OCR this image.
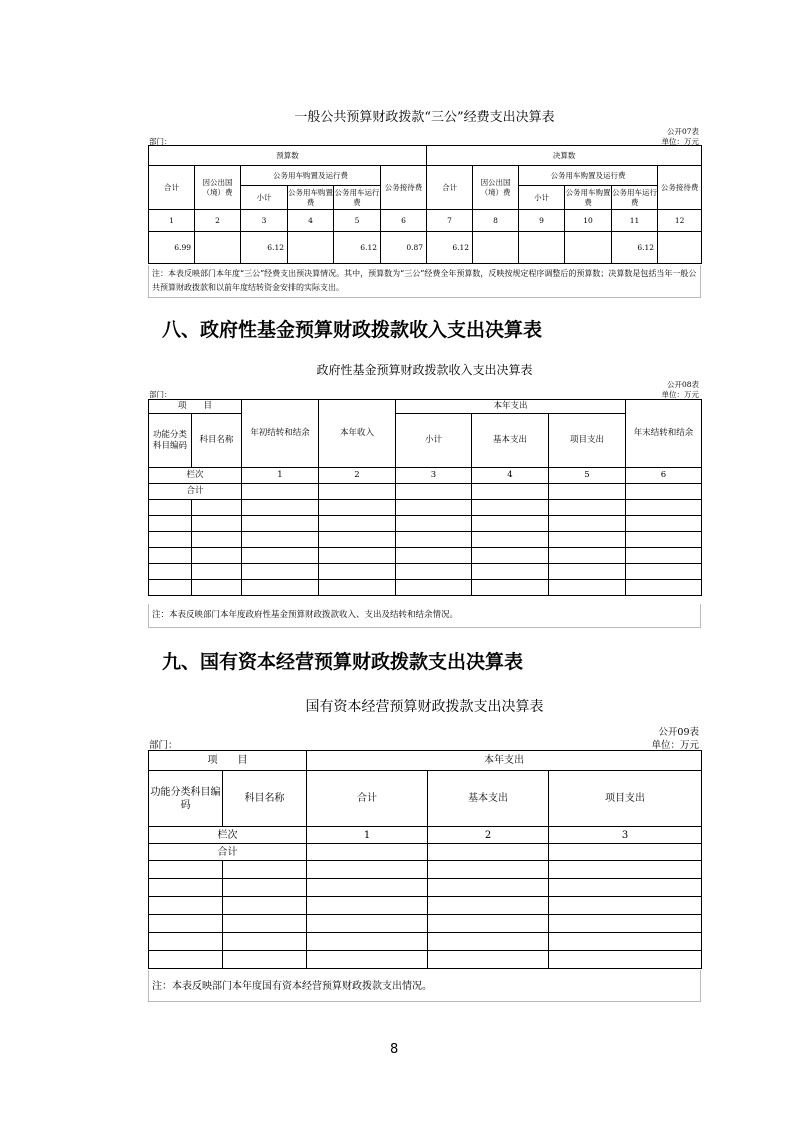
一般公共预算财政拨款“三公”经费支出决算表
公开07表
部门：	单位：万元
预算数						决算数					
合计	因公出国（境）费	公务用车购置及运行费			公务接待费	合计	因公出国（境）费	公务用车购置及运行费			公务接待费
		小计	公务用车购置费	公务用车运行费				小计	公务用车购置费	公务用车运行费	
1	2	3	4	5	6	7	8	9	10	11	12
6.99		6.12		6.12	0.87	6.12				6.12	
注：本表反映部门本年度“三公”经费支出预决算情况。其中，预算数为“三公”经费全年预算数，反映按规定程序调整后的预算数；决算数是包括当年一般公共预算财政拨款和以前年度结转资金安排的实际支出。
八、政府性基金预算财政拨款收入支出决算表
政府性基金预算财政拨款收入支出决算表
公开08表
部门：	单位：万元
项　　目		年初结转和结余	本年收入	本年支出			年末结转和结余
功能分类科目编码	科目名称			小计	基本支出	项目支出	
栏次		1	2	3	4	5	6
合计							

注：本表反映部门本年度政府性基金预算财政拨款收入、支出及结转和结余情况。
九、国有资本经营预算财政拨款支出决算表
国有资本经营预算财政拨款支出决算表
公开09表
部门：	单位：万元
项　　目		本年支出		
功能分类科目编码	科目名称	合计	基本支出	项目支出
栏次		1	2	3
合计				

注：本表反映部门本年度国有资本经营预算财政拨款支出情况。
8
